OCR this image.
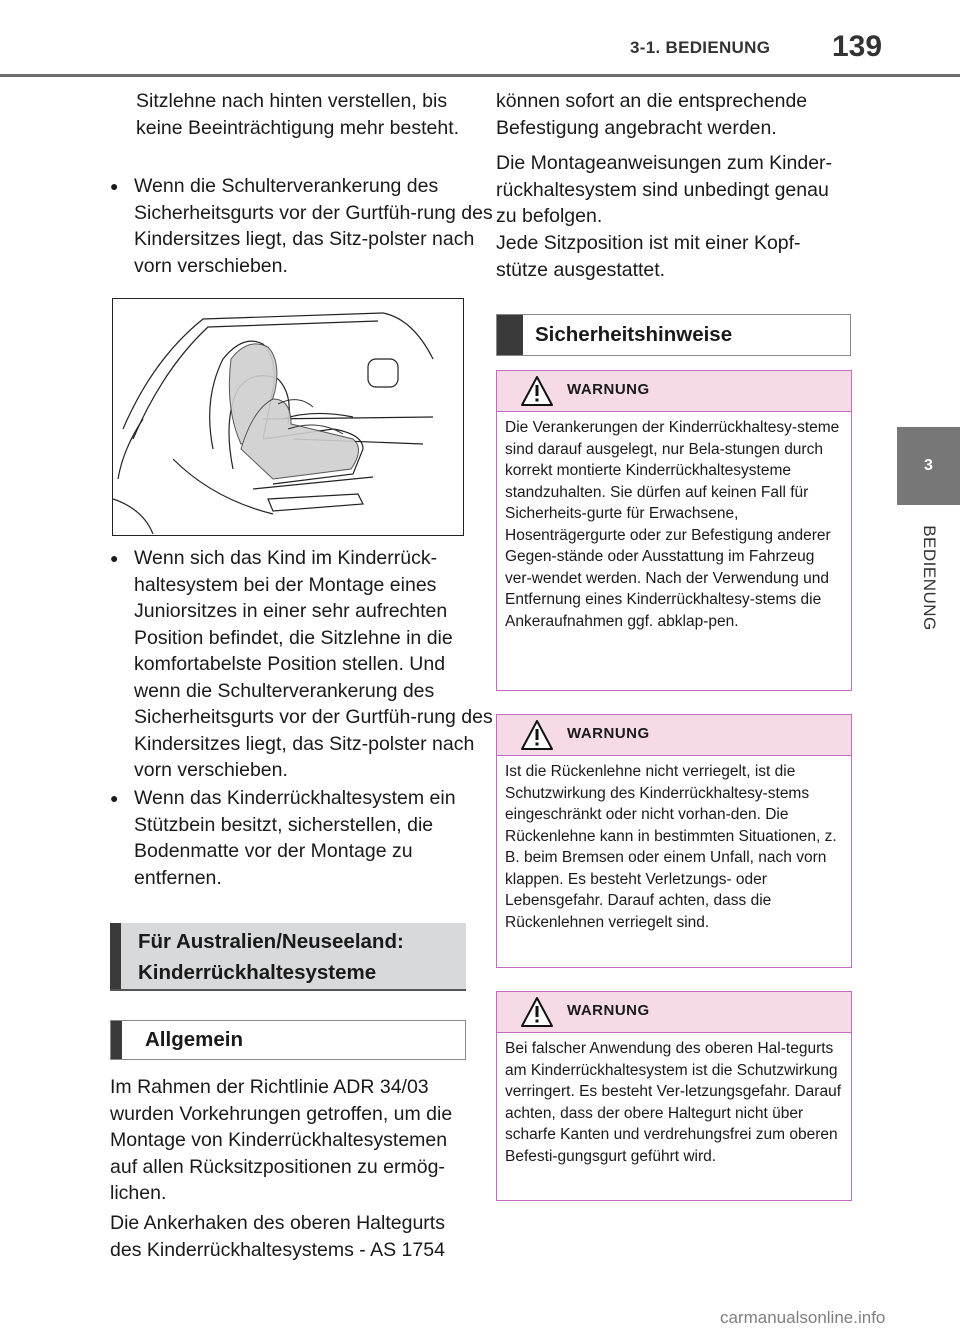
3-1. BEDIENUNG 139
3
BEDIENUNG

Sitzlehne nach hinten verstellen, bis keine Beeinträchtigung mehr besteht.

● Wenn die Schulterverankerung des Sicherheitsgurts vor der Gurtfüh-rung des Kindersitzes liegt, das Sitz-polster nach vorn verschieben.

● Wenn sich das Kind im Kinderrück-haltesystem bei der Montage eines Juniorsitzes in einer sehr aufrechten Position befindet, die Sitzlehne in die komfortabelste Position stellen. Und wenn die Schulterverankerung des Sicherheitsgurts vor der Gurtfüh-rung des Kindersitzes liegt, das Sitz-polster nach vorn verschieben.

● Wenn das Kinderrückhaltesystem ein Stützbein besitzt, sicherstellen, die Bodenmatte vor der Montage zu entfernen.

Für Australien/Neuseeland: Kinderrückhaltesysteme
Allgemein

Im Rahmen der Richtlinie ADR 34/03 wurden Vorkehrungen getroffen, um die Montage von Kinderrückhaltesystemen auf allen Rücksitzpositionen zu ermög-lichen.

Die Ankerhaken des oberen Haltegurts des Kinderrückhaltesystems - AS 1754

können sofort an die entsprechende Befestigung angebracht werden.

Die Montageanweisungen zum Kinder-rückhaltesystem sind unbedingt genau zu befolgen.

Jede Sitzposition ist mit einer Kopf-stütze ausgestattet.

Sicherheitshinweise
WARNUNG

Die Verankerungen der Kinderrückhaltesy-steme sind darauf ausgelegt, nur Bela-stungen durch korrekt montierte Kinderrückhaltesysteme standzuhalten. Sie dürfen auf keinen Fall für Sicherheits-gurte für Erwachsene, Hosenträgergurte oder zur Befestigung anderer Gegen-stände oder Ausstattung im Fahrzeug ver-wendet werden. Nach der Verwendung und Entfernung eines Kinderrückhaltesy-stems die Ankeraufnahmen ggf. abklap-pen.

WARNUNG

Ist die Rückenlehne nicht verriegelt, ist die Schutzwirkung des Kinderrückhaltesy-stems eingeschränkt oder nicht vorhan-den. Die Rückenlehne kann in bestimmten Situationen, z. B. beim Bremsen oder einem Unfall, nach vorn klappen. Es besteht Verletzungs- oder Lebensgefahr. Darauf achten, dass die Rückenlehnen verriegelt sind.

WARNUNG

Bei falscher Anwendung des oberen Hal-tegurts am Kinderrückhaltesystem ist die Schutzwirkung verringert. Es besteht Ver-letzungsgefahr. Darauf achten, dass der obere Haltegurt nicht über scharfe Kanten und verdrehungsfrei zum oberen Befesti-gungsgurt geführt wird.

carmanualsonline.info
